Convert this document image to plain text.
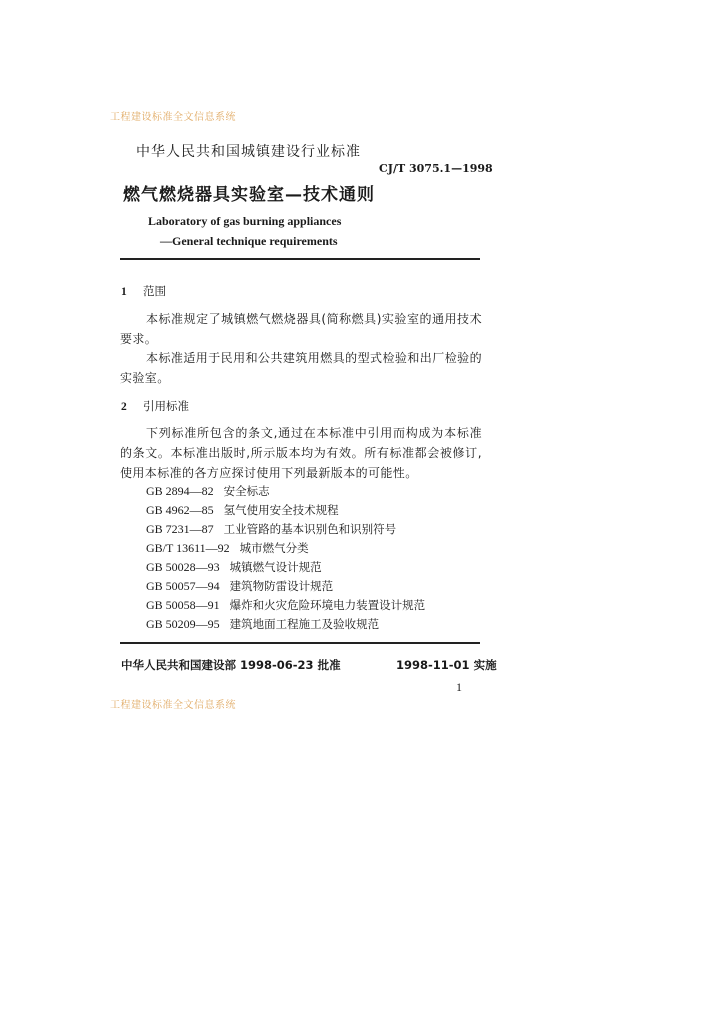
工程建设标准全文信息系统
中华人民共和国城镇建设行业标准
CJ/T 3075.1—1998
燃气燃烧器具实验室—技术通则
Laboratory of gas burning appliances
—General technique requirements
1 范围
本标准规定了城镇燃气燃烧器具(简称燃具)实验室的通用技术要求。
本标准适用于民用和公共建筑用燃具的型式检验和出厂检验的实验室。
2 引用标准
下列标准所包含的条文,通过在本标准中引用而构成为本标准的条文。本标准出版时,所示版本均为有效。所有标准都会被修订,使用本标准的各方应探讨使用下列最新版本的可能性。
GB 2894—82 安全标志
GB 4962—85 氢气使用安全技术规程
GB 7231—87 工业管路的基本识别色和识别符号
GB/T 13611—92 城市燃气分类
GB 50028—93 城镇燃气设计规范
GB 50057—94 建筑物防雷设计规范
GB 50058—91 爆炸和火灾危险环境电力装置设计规范
GB 50209—95 建筑地面工程施工及验收规范
中华人民共和国建设部 1998-06-23 批准	1998-11-01 实施
1
工程建设标准全文信息系统
